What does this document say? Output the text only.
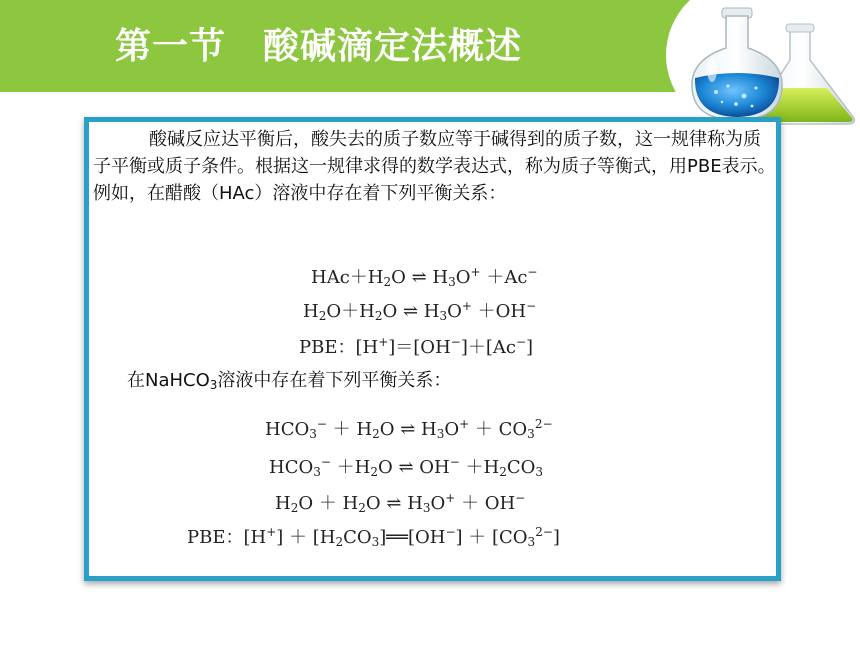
第一节　酸碱滴定法概述

酸碱反应达平衡后，酸失去的质子数应等于碱得到的质子数，这一规律称为质子平衡或质子条件。根据这一规律求得的数学表达式，称为质子等衡式，用PBE表示。例如，在醋酸（HAc）溶液中存在着下列平衡关系：

HAc＋H2O ⇌ H3O+ ＋Ac−

H2O＋H2O ⇌ H3O+ ＋OH−

PBE：[H+]＝[OH−]＋[Ac−]

在NaHCO3溶液中存在着下列平衡关系：

HCO3− ＋ H2O ⇌ $H3O^+ + CO3^{2-}$

HCO3− ＋H2O ⇌ OH− ＋H2CO3

H2O ＋ H2O ⇌ H3O+ ＋ OH−

PBE：[H+] ＋ [H2CO3]══[OH−] ＋ $[CO3^{2-}]$
